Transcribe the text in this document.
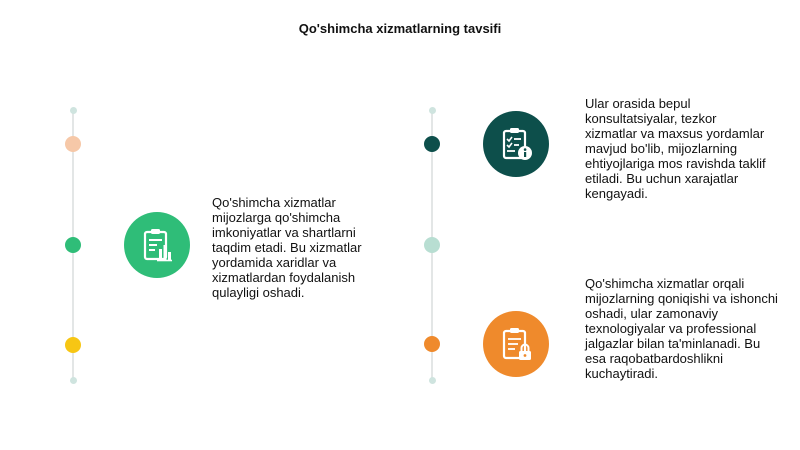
Qo'shimcha xizmatlarning tavsifi
Qo'shimcha xizmatlar mijozlarga qo'shimcha imkoniyatlar va shartlarni taqdim etadi. Bu xizmatlar yordamida xaridlar va xizmatlardan foydalanish qulayligi oshadi.
Ular orasida bepul konsultatsiyalar, tezkor xizmatlar va maxsus yordamlar mavjud bo'lib, mijozlarning ehtiyojlariga mos ravishda taklif etiladi. Bu uchun xarajatlar kengayadi.
Qo'shimcha xizmatlar orqali mijozlarning qoniqishi va ishonchi oshadi, ular zamonaviy texnologiyalar va professional jalgazlar bilan ta'minlanadi. Bu esa raqobatbardoshlikni kuchaytiradi.
